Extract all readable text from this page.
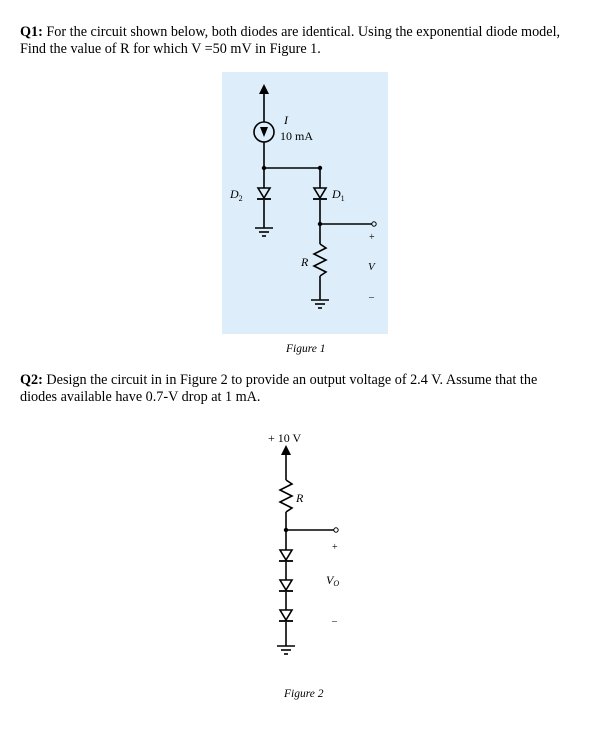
Q1: For the circuit shown below, both diodes are identical. Using the exponential diode model,
Find the value of R for which V =50 mV in Figure 1.
I
10 mA
$D_2$	$D_1$
R
+
V
–
Figure 1
Q2: Design the circuit in in Figure 2 to provide an output voltage of 2.4 V. Assume that the
diodes available have 0.7-V drop at 1 mA.
+ 10 V
R
+
VO
–
Figure 2
